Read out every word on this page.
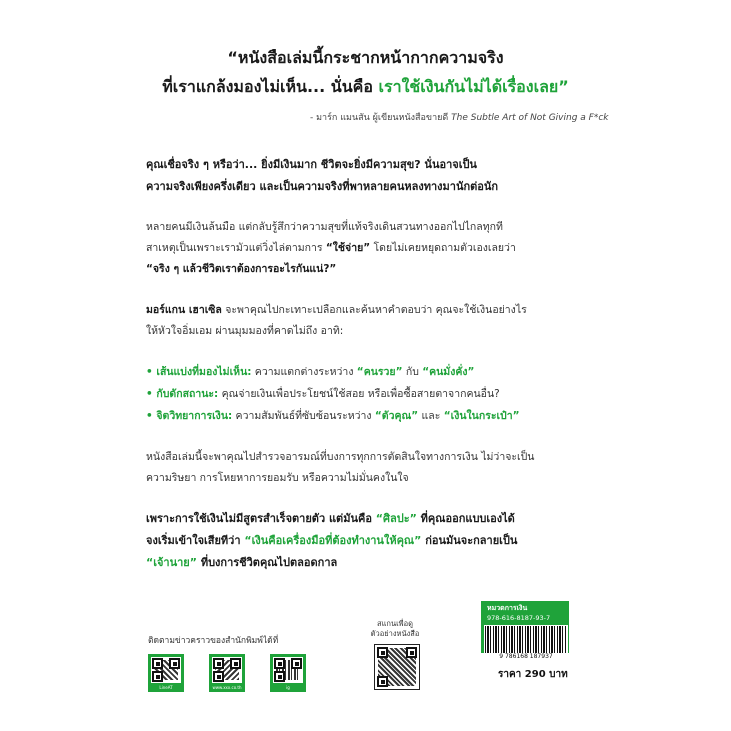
“หนังสือเล่มนี้กระชากหน้ากากความจริง
ที่เราแกล้งมองไม่เห็น... นั่นคือ เราใช้เงินกันไม่ได้เรื่องเลย”
- มาร์ก แมนสัน ผู้เขียนหนังสือขายดี The Subtle Art of Not Giving a F*ck
คุณเชื่อจริง ๆ หรือว่า... ยิ่งมีเงินมาก ชีวิตจะยิ่งมีความสุข? นั่นอาจเป็น
ความจริงเพียงครึ่งเดียว และเป็นความจริงที่พาหลายคนหลงทางมานักต่อนัก
หลายคนมีเงินล้นมือ แต่กลับรู้สึกว่าความสุขที่แท้จริงเดินสวนทางออกไปไกลทุกที
สาเหตุเป็นเพราะเรามัวแต่วิ่งไล่ตามการ “ใช้จ่าย” โดยไม่เคยหยุดถามตัวเองเลยว่า
“จริง ๆ แล้วชีวิตเราต้องการอะไรกันแน่?”
มอร์แกน เฮาเซิล จะพาคุณไปกะเทาะเปลือกและค้นหาคำตอบว่า คุณจะใช้เงินอย่างไร
ให้หัวใจอิ่มเอม ผ่านมุมมองที่คาดไม่ถึง อาทิ:
• เส้นแบ่งที่มองไม่เห็น: ความแตกต่างระหว่าง “คนรวย” กับ “คนมั่งคั่ง”
• กับดักสถานะ: คุณจ่ายเงินเพื่อประโยชน์ใช้สอย หรือเพื่อซื้อสายตาจากคนอื่น?
• จิตวิทยาการเงิน: ความสัมพันธ์ที่ซับซ้อนระหว่าง “ตัวคุณ” และ “เงินในกระเป๋า”
หนังสือเล่มนี้จะพาคุณไปสำรวจอารมณ์ที่บงการทุกการตัดสินใจทางการเงิน ไม่ว่าจะเป็น
ความริษยา การโหยหาการยอมรับ หรือความไม่มั่นคงในใจ
เพราะการใช้เงินไม่มีสูตรสำเร็จตายตัว แต่มันคือ “ศิลปะ” ที่คุณออกแบบเองได้
จงเริ่มเข้าใจเสียทีว่า “เงินคือเครื่องมือที่ต้องทำงานให้คุณ” ก่อนมันจะกลายเป็น
“เจ้านาย” ที่บงการชีวิตคุณไปตลอดกาล
ติดตามข่าวคราวของสำนักพิมพ์ได้ที่
LineAT	www.xxx.co.th	ig
สแกนเพื่อดู
ตัวอย่างหนังสือ
หมวดการเงิน
978-616-8187-93-7
9 786168 187937
ราคา 290 บาท
